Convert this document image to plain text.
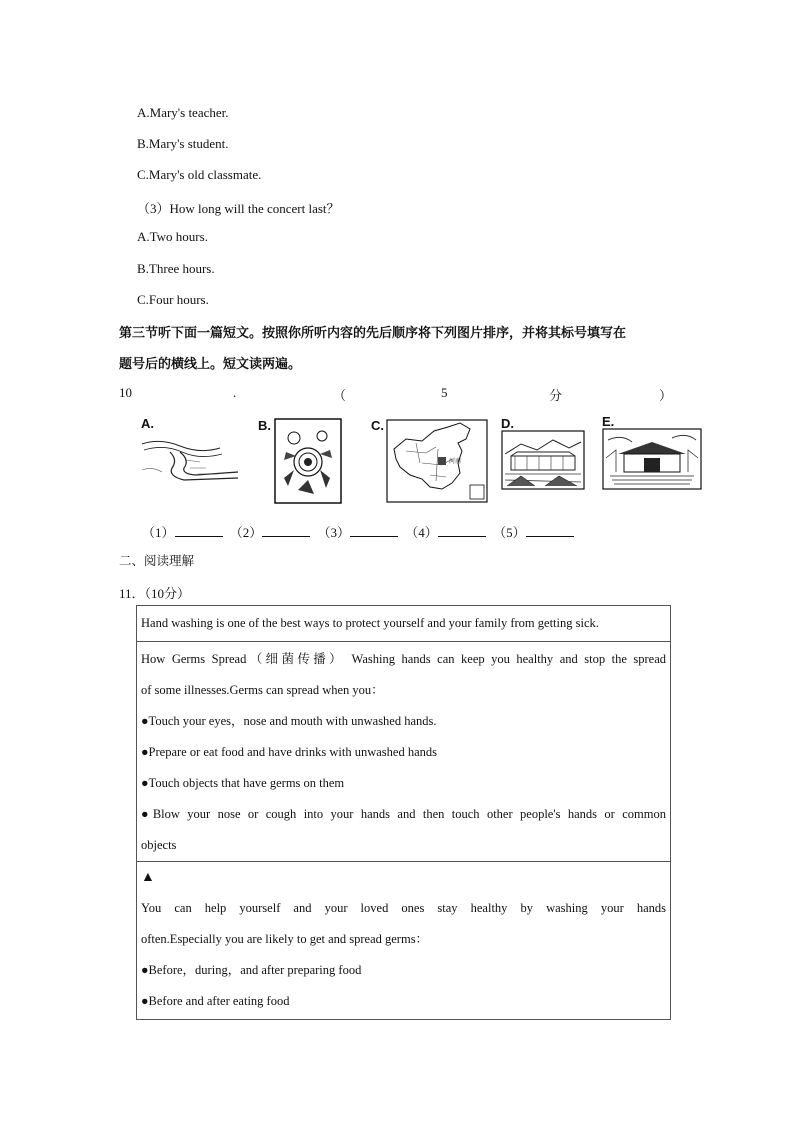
A.Mary's teacher.
B.Mary's student.
C.Mary's old classmate.
（3）How long will the concert last？
A.Two hours.
B.Three hours.
C.Four hours.
第三节听下面一篇短文。按照你所听内容的先后顺序将下列图片排序，并将其标号填写在
题号后的横线上。短文读两遍。
10	.	（	5	分	）
A.	B.	C.
河南
D.	E.
（1）	（2）	（3）	（4）	（5）
二、阅读理解
11．（10分）
Hand washing is one of the best ways to protect yourself and your family from getting sick.

How Germs Spread（细菌传播） Washing hands can keep you healthy and stop the spread
of some illnesses.Germs can spread when you：
●Touch your eyes，nose and mouth with unwashed hands.
●Prepare or eat food and have drinks with unwashed hands
●Touch objects that have germs on them
●Blow your nose or cough into your hands and then touch other people's hands or common
objects

▲
You can help yourself and your loved ones stay healthy by washing your hands
often.Especially you are likely to get and spread germs：
●Before，during，and after preparing food
●Before and after eating food
